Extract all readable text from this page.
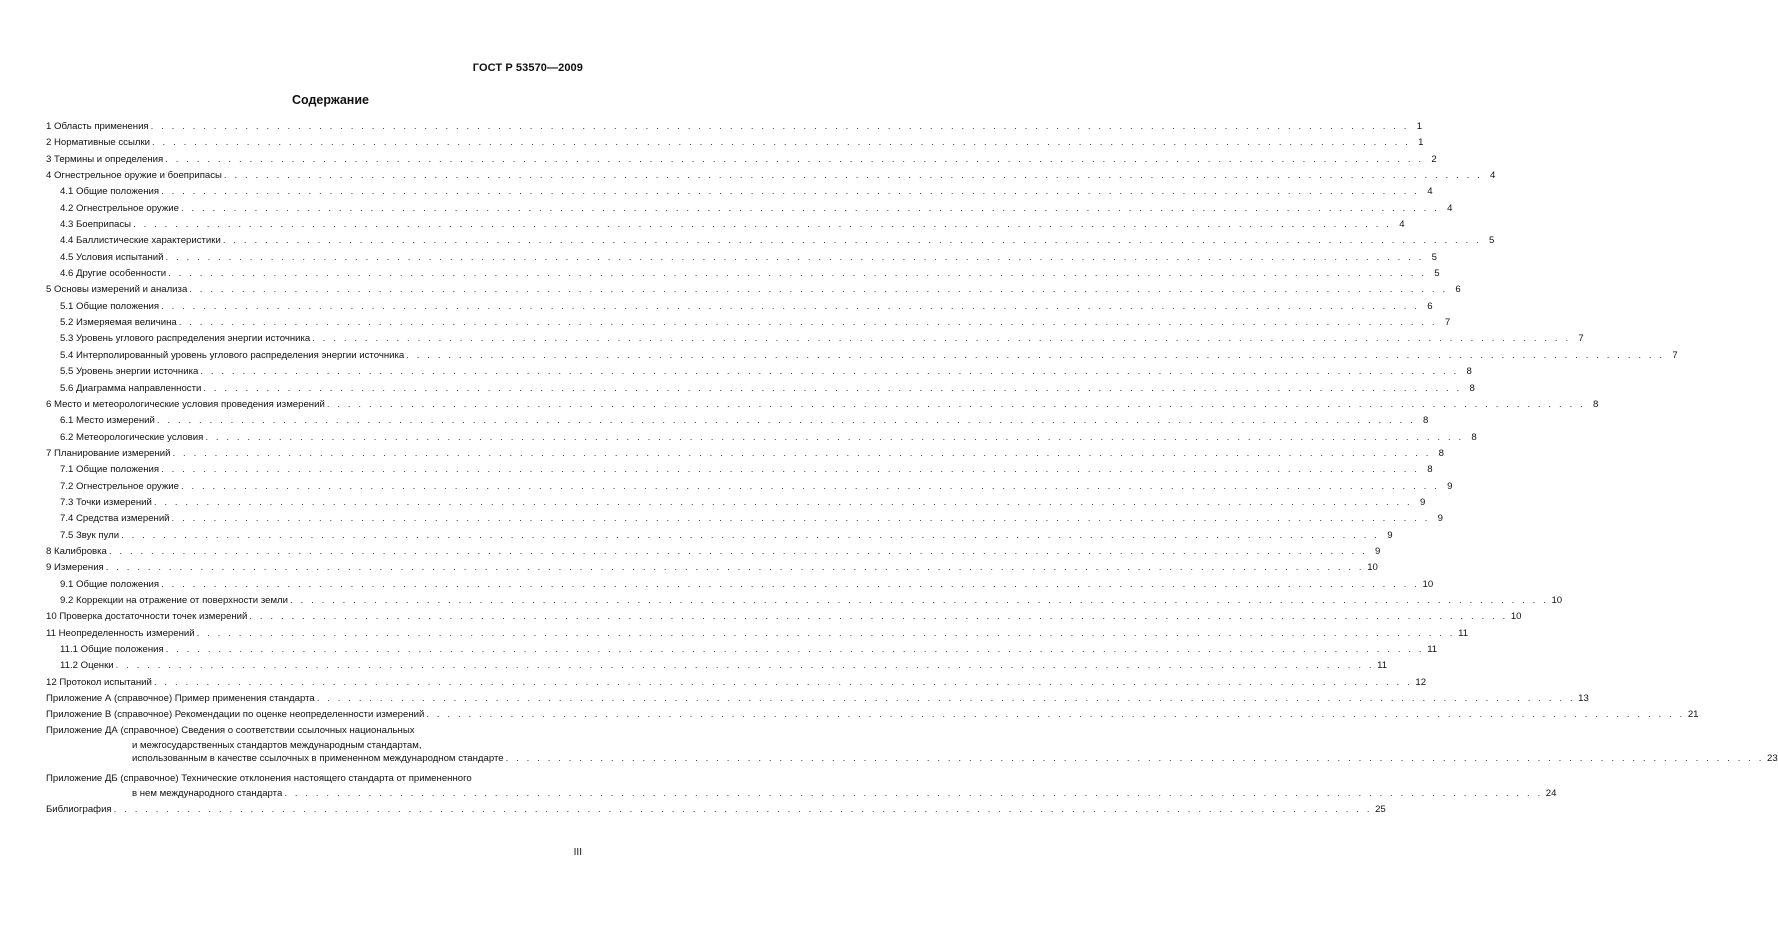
ГОСТ Р 53570—2009
Содержание
1 Область применения . . . . . . . . . . . . . . . . . . . . . . . . . . . . . . . . . . . . . . . . . . . . . . . . . . . . . . . . . . . . . . . . . . . . . . . . . . . . . . . . . . . . . . . . . . . . . . . . . . . . . . . . . . . . . . . . . . . . . . . . 1
2 Нормативные ссылки . . . . . . . . . . . . . . . . . . . . . . . . . . . . . . . . . . . . . . . . . . . . . . . . . . . . . . . . . . . . . . . . . . . . . . . . . . . . . . . . . . . . . . . . . . . . . . . . . . . . . . . . . . . . . . . . . . . . . . . . 1
3 Термины и определения . . . . . . . . . . . . . . . . . . . . . . . . . . . . . . . . . . . . . . . . . . . . . . . . . . . . . . . . . . . . . . . . . . . . . . . . . . . . . . . . . . . . . . . . . . . . . . . . . . . . . . . . . . . . . . . . . . . . . . . . 2
4 Огнестрельное оружие и боеприпасы . . . . . . . . . . . . . . . . . . . . . . . . . . . . . . . . . . . . . . . . . . . . . . . . . . . . . . . . . . . . . . . . . . . . . . . . . . . . . . . . . . . . . . . . . . . . . . . . . . . . . . . . . . . . . . . . . . . . . . . . 4
4.1 Общие положения . . . . . . . . . . . . . . . . . . . . . . . . . . . . . . . . . . . . . . . . . . . . . . . . . . . . . . . . . . . . . . . . . . . . . . . . . . . . . . . . . . . . . . . . . . . . . . . . . . . . . . . . . . . . . . . . . . . . . . . . 4
4.2 Огнестрельное оружие . . . . . . . . . . . . . . . . . . . . . . . . . . . . . . . . . . . . . . . . . . . . . . . . . . . . . . . . . . . . . . . . . . . . . . . . . . . . . . . . . . . . . . . . . . . . . . . . . . . . . . . . . . . . . . . . . . . . . . . . 4
4.3 Боеприпасы . . . . . . . . . . . . . . . . . . . . . . . . . . . . . . . . . . . . . . . . . . . . . . . . . . . . . . . . . . . . . . . . . . . . . . . . . . . . . . . . . . . . . . . . . . . . . . . . . . . . . . . . . . . . . . . . . . . . . . . . 4
4.4 Баллистические характеристики . . . . . . . . . . . . . . . . . . . . . . . . . . . . . . . . . . . . . . . . . . . . . . . . . . . . . . . . . . . . . . . . . . . . . . . . . . . . . . . . . . . . . . . . . . . . . . . . . . . . . . . . . . . . . . . . . . . . . . . . 5
4.5 Условия испытаний . . . . . . . . . . . . . . . . . . . . . . . . . . . . . . . . . . . . . . . . . . . . . . . . . . . . . . . . . . . . . . . . . . . . . . . . . . . . . . . . . . . . . . . . . . . . . . . . . . . . . . . . . . . . . . . . . . . . . . . . 5
4.6 Другие особенности . . . . . . . . . . . . . . . . . . . . . . . . . . . . . . . . . . . . . . . . . . . . . . . . . . . . . . . . . . . . . . . . . . . . . . . . . . . . . . . . . . . . . . . . . . . . . . . . . . . . . . . . . . . . . . . . . . . . . . . . 5
5 Основы измерений и анализа . . . . . . . . . . . . . . . . . . . . . . . . . . . . . . . . . . . . . . . . . . . . . . . . . . . . . . . . . . . . . . . . . . . . . . . . . . . . . . . . . . . . . . . . . . . . . . . . . . . . . . . . . . . . . . . . . . . . . . . . 6
5.1 Общие положения . . . . . . . . . . . . . . . . . . . . . . . . . . . . . . . . . . . . . . . . . . . . . . . . . . . . . . . . . . . . . . . . . . . . . . . . . . . . . . . . . . . . . . . . . . . . . . . . . . . . . . . . . . . . . . . . . . . . . . . . 6
5.2 Измеряемая величина . . . . . . . . . . . . . . . . . . . . . . . . . . . . . . . . . . . . . . . . . . . . . . . . . . . . . . . . . . . . . . . . . . . . . . . . . . . . . . . . . . . . . . . . . . . . . . . . . . . . . . . . . . . . . . . . . . . . . . . . 7
5.3 Уровень углового распределения энергии источника . . . . . . . . . . . . . . . . . . . . . . . . . . . . . . . . . . . . . . . . . . . . . . . . . . . . . . . . . . . . . . . . . . . . . . . . . . . . . . . . . . . . . . . . . . . . . . . . . . . . . . . . . . . . . . . . . . . . . . . . 7
5.4 Интерполированный уровень углового распределения энергии источника . . . . . . . . . . . . . . . . . . . . . . . . . . . . . . . . . . . . . . . . . . . . . . . . . . . . . . . . . . . . . . . . . . . . . . . . . . . . . . . . . . . . . . . . . . . . . . . . . . . . . . . . . . . . . . . . . . . . . . . . 7
5.5 Уровень энергии источника . . . . . . . . . . . . . . . . . . . . . . . . . . . . . . . . . . . . . . . . . . . . . . . . . . . . . . . . . . . . . . . . . . . . . . . . . . . . . . . . . . . . . . . . . . . . . . . . . . . . . . . . . . . . . . . . . . . . . . . . 8
5.6 Диаграмма направленности . . . . . . . . . . . . . . . . . . . . . . . . . . . . . . . . . . . . . . . . . . . . . . . . . . . . . . . . . . . . . . . . . . . . . . . . . . . . . . . . . . . . . . . . . . . . . . . . . . . . . . . . . . . . . . . . . . . . . . . . 8
6 Место и метеорологические условия проведения измерений . . . . . . . . . . . . . . . . . . . . . . . . . . . . . . . . . . . . . . . . . . . . . . . . . . . . . . . . . . . . . . . . . . . . . . . . . . . . . . . . . . . . . . . . . . . . . . . . . . . . . . . . . . . . . . . . . . . . . . . . 8
6.1 Место измерений . . . . . . . . . . . . . . . . . . . . . . . . . . . . . . . . . . . . . . . . . . . . . . . . . . . . . . . . . . . . . . . . . . . . . . . . . . . . . . . . . . . . . . . . . . . . . . . . . . . . . . . . . . . . . . . . . . . . . . . . 8
6.2 Метеорологические условия . . . . . . . . . . . . . . . . . . . . . . . . . . . . . . . . . . . . . . . . . . . . . . . . . . . . . . . . . . . . . . . . . . . . . . . . . . . . . . . . . . . . . . . . . . . . . . . . . . . . . . . . . . . . . . . . . . . . . . . . 8
7 Планирование измерений . . . . . . . . . . . . . . . . . . . . . . . . . . . . . . . . . . . . . . . . . . . . . . . . . . . . . . . . . . . . . . . . . . . . . . . . . . . . . . . . . . . . . . . . . . . . . . . . . . . . . . . . . . . . . . . . . . . . . . . . 8
7.1 Общие положения . . . . . . . . . . . . . . . . . . . . . . . . . . . . . . . . . . . . . . . . . . . . . . . . . . . . . . . . . . . . . . . . . . . . . . . . . . . . . . . . . . . . . . . . . . . . . . . . . . . . . . . . . . . . . . . . . . . . . . . . 8
7.2 Огнестрельное оружие . . . . . . . . . . . . . . . . . . . . . . . . . . . . . . . . . . . . . . . . . . . . . . . . . . . . . . . . . . . . . . . . . . . . . . . . . . . . . . . . . . . . . . . . . . . . . . . . . . . . . . . . . . . . . . . . . . . . . . . . 9
7.3 Точки измерений . . . . . . . . . . . . . . . . . . . . . . . . . . . . . . . . . . . . . . . . . . . . . . . . . . . . . . . . . . . . . . . . . . . . . . . . . . . . . . . . . . . . . . . . . . . . . . . . . . . . . . . . . . . . . . . . . . . . . . . . 9
7.4 Средства измерений . . . . . . . . . . . . . . . . . . . . . . . . . . . . . . . . . . . . . . . . . . . . . . . . . . . . . . . . . . . . . . . . . . . . . . . . . . . . . . . . . . . . . . . . . . . . . . . . . . . . . . . . . . . . . . . . . . . . . . . . 9
7.5 Звук пули . . . . . . . . . . . . . . . . . . . . . . . . . . . . . . . . . . . . . . . . . . . . . . . . . . . . . . . . . . . . . . . . . . . . . . . . . . . . . . . . . . . . . . . . . . . . . . . . . . . . . . . . . . . . . . . . . . . . . . . . 9
8 Калибровка . . . . . . . . . . . . . . . . . . . . . . . . . . . . . . . . . . . . . . . . . . . . . . . . . . . . . . . . . . . . . . . . . . . . . . . . . . . . . . . . . . . . . . . . . . . . . . . . . . . . . . . . . . . . . . . . . . . . . . . . 9
9 Измерения . . . . . . . . . . . . . . . . . . . . . . . . . . . . . . . . . . . . . . . . . . . . . . . . . . . . . . . . . . . . . . . . . . . . . . . . . . . . . . . . . . . . . . . . . . . . . . . . . . . . . . . . . . . . . . . . . . . . . . . . 10
9.1 Общие положения . . . . . . . . . . . . . . . . . . . . . . . . . . . . . . . . . . . . . . . . . . . . . . . . . . . . . . . . . . . . . . . . . . . . . . . . . . . . . . . . . . . . . . . . . . . . . . . . . . . . . . . . . . . . . . . . . . . . . . . . 10
9.2 Коррекции на отражение от поверхности земли . . . . . . . . . . . . . . . . . . . . . . . . . . . . . . . . . . . . . . . . . . . . . . . . . . . . . . . . . . . . . . . . . . . . . . . . . . . . . . . . . . . . . . . . . . . . . . . . . . . . . . . . . . . . . . . . . . . . . . . . 10
10 Проверка достаточности точек измерений . . . . . . . . . . . . . . . . . . . . . . . . . . . . . . . . . . . . . . . . . . . . . . . . . . . . . . . . . . . . . . . . . . . . . . . . . . . . . . . . . . . . . . . . . . . . . . . . . . . . . . . . . . . . . . . . . . . . . . . . 10
11 Неопределенность измерений . . . . . . . . . . . . . . . . . . . . . . . . . . . . . . . . . . . . . . . . . . . . . . . . . . . . . . . . . . . . . . . . . . . . . . . . . . . . . . . . . . . . . . . . . . . . . . . . . . . . . . . . . . . . . . . . . . . . . . . . 11
11.1 Общие положения . . . . . . . . . . . . . . . . . . . . . . . . . . . . . . . . . . . . . . . . . . . . . . . . . . . . . . . . . . . . . . . . . . . . . . . . . . . . . . . . . . . . . . . . . . . . . . . . . . . . . . . . . . . . . . . . . . . . . . . . 11
11.2 Оценки . . . . . . . . . . . . . . . . . . . . . . . . . . . . . . . . . . . . . . . . . . . . . . . . . . . . . . . . . . . . . . . . . . . . . . . . . . . . . . . . . . . . . . . . . . . . . . . . . . . . . . . . . . . . . . . . . . . . . . . . 11
12 Протокол испытаний . . . . . . . . . . . . . . . . . . . . . . . . . . . . . . . . . . . . . . . . . . . . . . . . . . . . . . . . . . . . . . . . . . . . . . . . . . . . . . . . . . . . . . . . . . . . . . . . . . . . . . . . . . . . . . . . . . . . . . . . 12
Приложение А (справочное) Пример применения стандарта . . . . . . . . . . . . . . . . . . . . . . . . . . . . . . . . . . . . . . . . . . . . . . . . . . . . . . . . . . . . . . . . . . . . . . . . . . . . . . . . . . . . . . . . . . . . . . . . . . . . . . . . . . . . . . . . . . . . . . . . 13
Приложение В (справочное) Рекомендации по оценке неопределенности измерений . . . . . . . . . . . . . . . . . . . . . . . . . . . . . . . . . . . . . . . . . . . . . . . . . . . . . . . . . . . . . . . . . . . . . . . . . . . . . . . . . . . . . . . . . . . . . . . . . . . . . . . . . . . . . . . . . . . . . . . . 21
Приложение ДА (справочное) Сведения о соответствии ссылочных национальных
и межгосударственных стандартов международным стандартам,
использованным в качестве ссылочных в примененном международном стандарте . . . . . . . . . . . . . . . . . . . . . . . . . . . . . . . . . . . . . . . . . . . . . . . . . . . . . . . . . . . . . . . . . . . . . . . . . . . . . . . . . . . . . . . . . . . . . . . . . . . . . . . . . . . . . . . . . . . . . . . . 23
Приложение ДБ (справочное) Технические отклонения настоящего стандарта от примененного
в нем международного стандарта . . . . . . . . . . . . . . . . . . . . . . . . . . . . . . . . . . . . . . . . . . . . . . . . . . . . . . . . . . . . . . . . . . . . . . . . . . . . . . . . . . . . . . . . . . . . . . . . . . . . . . . . . . . . . . . . . . . . . . . . 24
Библиография . . . . . . . . . . . . . . . . . . . . . . . . . . . . . . . . . . . . . . . . . . . . . . . . . . . . . . . . . . . . . . . . . . . . . . . . . . . . . . . . . . . . . . . . . . . . . . . . . . . . . . . . . . . . . . . . . . . . . . . . 25
III
